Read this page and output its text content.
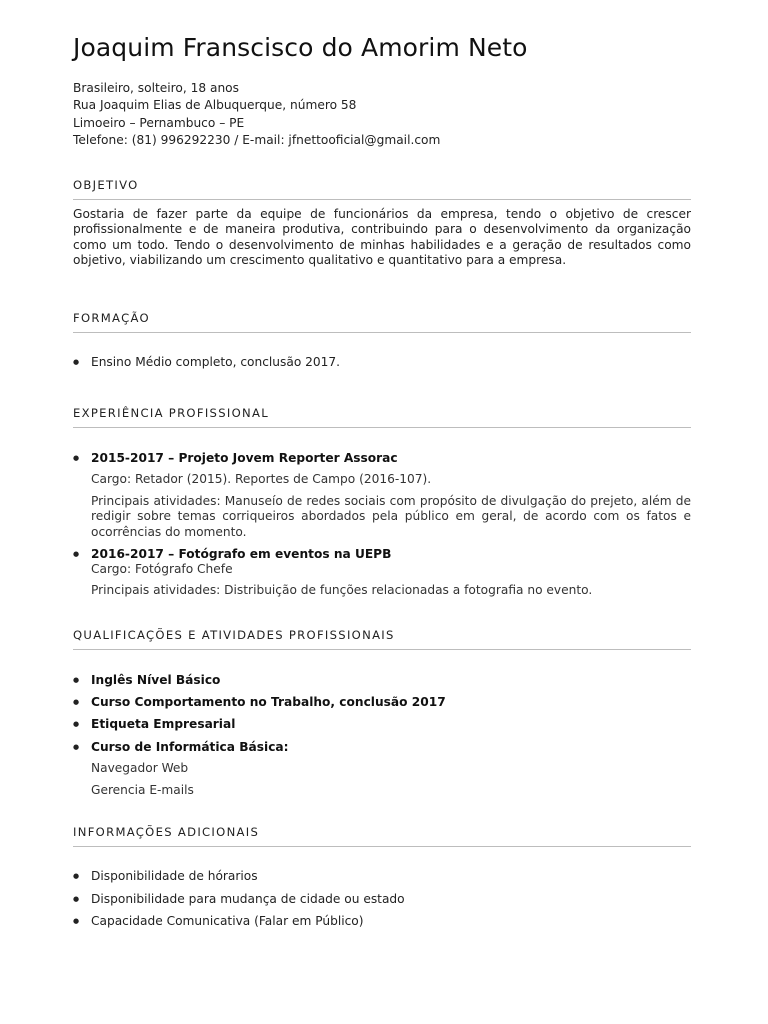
Joaquim Franscisco do Amorim Neto
Brasileiro, solteiro, 18 anos
Rua Joaquim Elias de Albuquerque, número 58
Limoeiro – Pernambuco – PE
Telefone: (81) 996292230 / E-mail: jfnettooficial@gmail.com
OBJETIVO
Gostaria de fazer parte da equipe de funcionários da empresa, tendo o objetivo de crescer profissionalmente e de maneira produtiva, contribuindo para o desenvolvimento da organização como um todo. Tendo o desenvolvimento de minhas habilidades e a geração de resultados como objetivo, viabilizando um crescimento qualitativo e quantitativo para a empresa.
FORMAÇÃO
● Ensino Médio completo, conclusão 2017.
EXPERIÊNCIA PROFISSIONAL
● 2015-2017 – Projeto Jovem Reporter Assorac
Cargo: Retador (2015). Reportes de Campo (2016-107).
Principais atividades: Manuseío de redes sociais com propósito de divulgação do prejeto, além de redigir sobre temas corriqueiros abordados pela público em geral, de acordo com os fatos e ocorrências do momento.
● 2016-2017 – Fotógrafo em eventos na UEPB
Cargo: Fotógrafo Chefe
Principais atividades: Distribuição de funções relacionadas a fotografia no evento.
QUALIFICAÇÕES E ATIVIDADES PROFISSIONAIS
● Inglês Nível Básico
● Curso Comportamento no Trabalho, conclusão 2017
● Etiqueta Empresarial
● Curso de Informática Básica:
Navegador Web
Gerencia E-mails
INFORMAÇÕES ADICIONAIS
● Disponibilidade de hórarios
● Disponibilidade para mudança de cidade ou estado
● Capacidade Comunicativa (Falar em Público)
